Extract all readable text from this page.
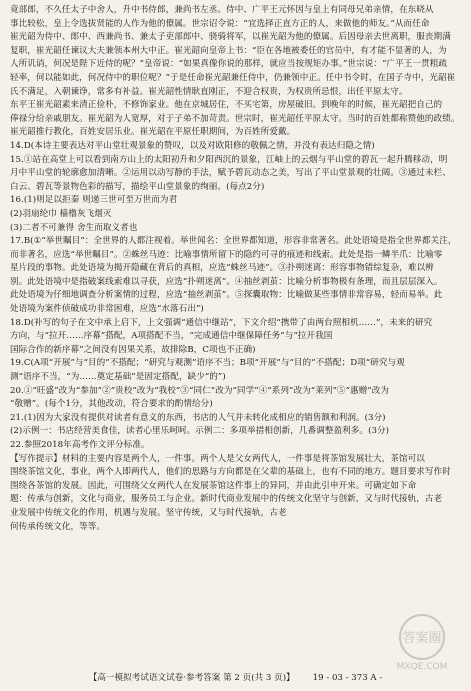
竟部郎，不久任太子中舍人，升中书侍郎，兼尚书左丞。侍中、广平王元怀因与皇上有同母兄弟亲情，在东晓从
事比较松，皇上令选拔贤能的人作为他的僚属。世宗诏令说：“宜选择正直方正的人，来做他的师友。”从而任命
崔光韶为侍中、郎中、西兼尚书、兼太子吏部郎中、骁骑将军，以崔光韶为他的僚属。后因母亲去世离职，服丧期满
复职，崔光韶任谏议大夫兼领本州大中正。崔光韶向皇帝上书：“臣在各地被委任的官员中，有才能不显著的人，为
人所讥诮，何况是陛下近侍的呢？”皇帝说：“如果真像你说的那样，就应当按规矩办事。”世宗说：“广平王一贯粗疏
轻率，何以能如此，何况侍中的职位呢？”于是任命崔光韶兼任侍中，仍兼领中正。任中书令时，在国子寺中，光韶崔
氏不满足，入朝谏诤，常多有补益。崔光韶性情耿直刚正，不迎合权贵，为权贵所忌恨，出任平原太守。
东平王崔光韶素来清正俭朴，不修饰家业。他在京城居住，不买宅第，房屋破旧。到晚年的时候，崔光韶把自己的
俸禄分给亲戚朋友。崔光韶为人宽厚，对于子弟不加苛责。世宗时，崔光韶任平原太守。当时的百姓都称赞他的政绩。
崔光韶推行教化，百姓安居乐业。崔光韶在平原任职期间，为百姓所爱戴。
14.D(本诗主要表达对平山堂壮观景象的赞叹，以及对欧阳修的敬佩之情，并没有表达归隐之情)
15.①站在高堂上可以看到南方山上的太阳初升和夕阳西沉的景象，江岫上的云烟与平山堂的碧瓦一起升腾移动，明
月中平山堂的轮廓愈加清晰。②运用以动写静的手法，赋予碧瓦动态之美，写出了平山堂景观的壮阔。③通过未栏、
白云、碧瓦等景物色彩的描写，描绘平山堂景象的绚丽。(每点2分)
16.(1)则足以拒秦 则递三世可至万世而为君
(2)羽扇纶巾 樯橹灰飞烟灭
(3)二者不可兼得 舍生而取义者也
17.B(①“举世瞩目”：全世界的人都注视着。举世闻名：全世界都知道，形容非常著名。此处语境是指全世界都关注，
而非著名，应选“举世瞩目”。②蛛丝马迹：比喻事情所留下的隐约可寻的痕迹和线索。此处是指一鳞半爪：比喻零
星片段的事物。此处语境为揭开隐藏在背后的真相，应选“蛛丝马迹”。③扑朔迷离：形容事物错综复杂，难以辨
别。此处语境中是指破案线索难以寻获，应选“扑朔迷离”。④抽丝剥茧：比喻分析事物极有条理，而且层层深入。
此处语境为仔细地调查分析案情的过程，应选“抽丝剥茧”。⑤探囊取物：比喻做某些事情非常容易，轻而易举。此
处语境为案件侦破成功非常困难，应选“水落石出”)
18.D(补写的句子在文中承上启下，上文强调“通信中继站”，下文介绍“携带了由两台照相机……”，未来的研究
方向，与“拉开……序幕”搭配，A项搭配不当，“完成通信中继保障任务”与“拉开我国
国际合作的新序幕”之间没有因果关系，故排除B，C项也不正确)
19.C(A项“开展”与“目的”不搭配；“研究与观测”语序不当；B项“开展”与“目的”不搭配；D项“研究与观
测”语序不当，“为……奠定基础”是固定搭配，缺少“的”)
20.①“旺盛”改为“参加”②“贵校”改为“我校”③“同仁”改为“同学”④“系列”改为“莱列”⑤“惠赠”改为
“敬赠”。(每个1分，其他改动，符合要求的酌情给分)
21.(1)因为大家没有提供对读者有意义的东西，书店的人气并未转化成相应的销售额和利润。(3分)
(2)示例一：书店经营美食佳，读者心里乐呵呵。示例二：多项举措相创新，几番调整盈利多。(3分)
22.参照2018年高考作文评分标准。
【写作提示】材料的主要内容是两个人，一件事。两个人是父女两代人，一件事是将茶馆发展壮大，茶馆可以
围绕茶馆文化，事业，两个人即两代人，他们的思路与方向都是在父辈的基础上，也有不同的地方。题目要求写作时
围绕各茶馆的发展。因此，可围绕父女两代人在发展茶馆这件事上的异同，并由此引申开来。可确定如下命
题：传承与创新，文化与商业，服务员工与企业。新时代商业发展中的传统文化坚守与创新，又与时代接轨，古老
业发展中传统文化的作用，机遇与发展。坚守传统，又与时代接轨，古老
何传承传统文化，等等。
【高一模拟考试语文试卷·参考答案 第 2 页(共 3 页)】 19 - 03 - 373 A -
答案圈
MXQE.COM
